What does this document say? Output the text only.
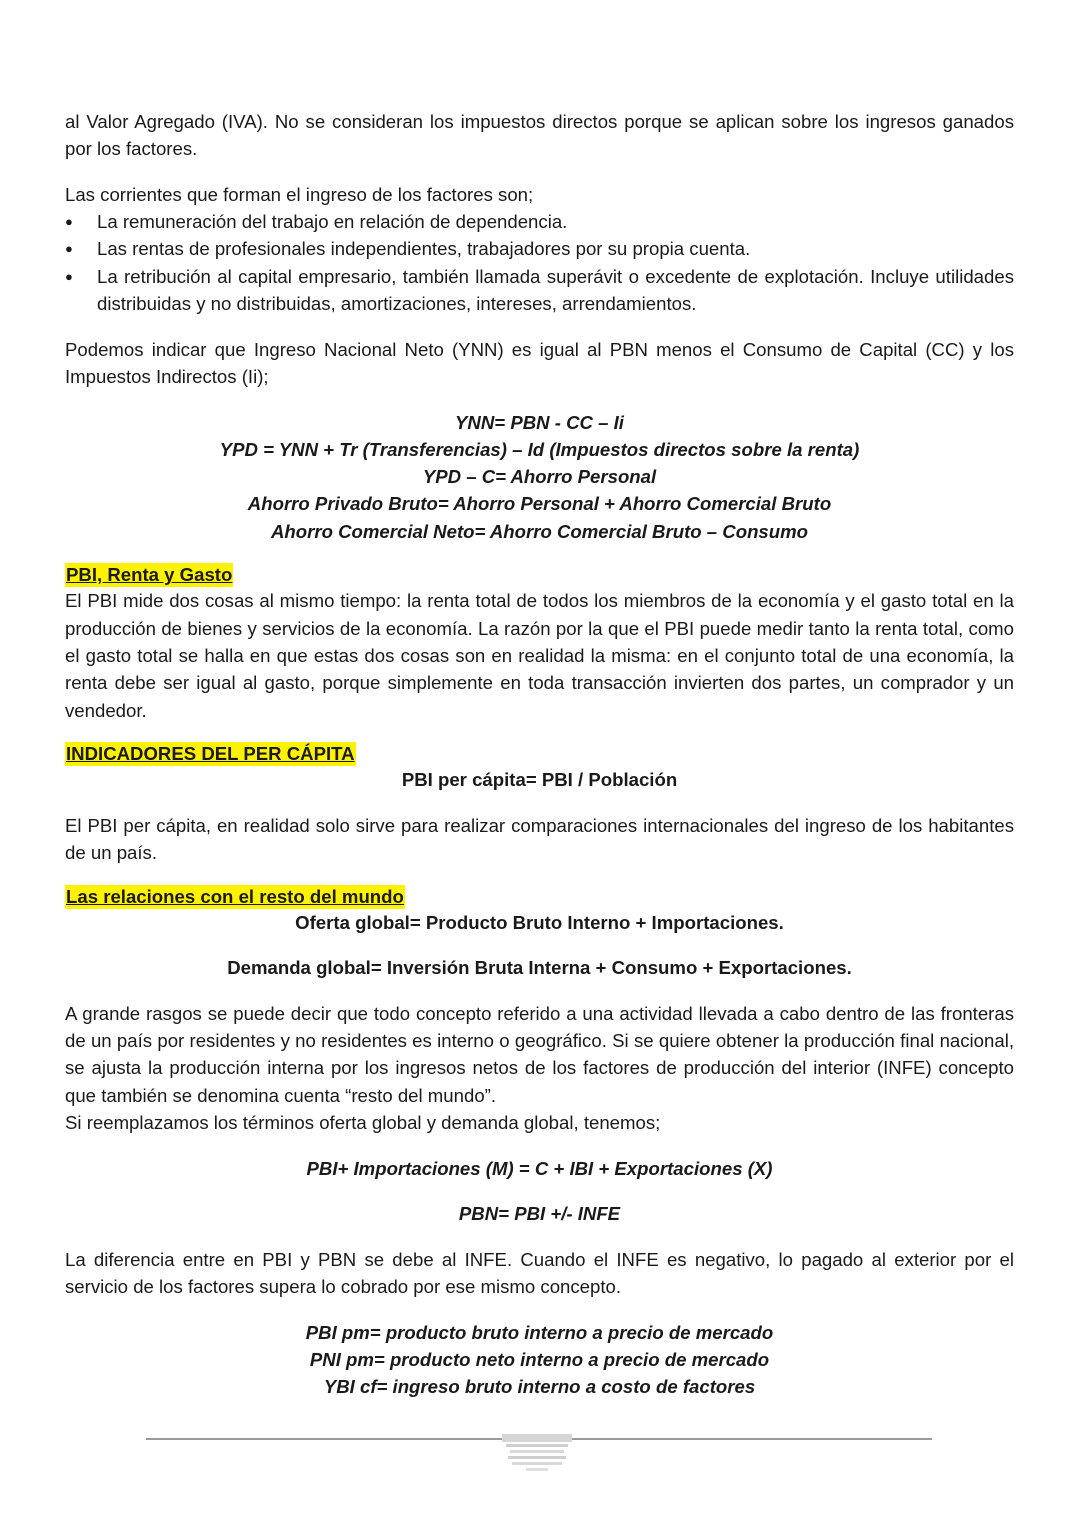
al Valor Agregado (IVA). No se consideran los impuestos directos porque se aplican sobre los ingresos ganados por los factores.

Las corrientes que forman el ingreso de los factores son;

● La remuneración del trabajo en relación de dependencia.
● Las rentas de profesionales independientes, trabajadores por su propia cuenta.
● La retribución al capital empresario, también llamada superávit o excedente de explotación. Incluye utilidades distribuidas y no distribuidas, amortizaciones, intereses, arrendamientos.

Podemos indicar que Ingreso Nacional Neto (YNN) es igual al PBN menos el Consumo de Capital (CC) y los Impuestos Indirectos (Ii);

YNN= PBN - CC – Ii
YPD = YNN + Tr (Transferencias) – Id (Impuestos directos sobre la renta)
YPD – C= Ahorro Personal
Ahorro Privado Bruto= Ahorro Personal + Ahorro Comercial Bruto
Ahorro Comercial Neto= Ahorro Comercial Bruto – Consumo
PBI, Renta y Gasto

El PBI mide dos cosas al mismo tiempo: la renta total de todos los miembros de la economía y el gasto total en la producción de bienes y servicios de la economía. La razón por la que el PBI puede medir tanto la renta total, como el gasto total se halla en que estas dos cosas son en realidad la misma: en el conjunto total de una economía, la renta debe ser igual al gasto, porque simplemente en toda transacción invierten dos partes, un comprador y un vendedor.

INDICADORES DEL PER CÁPITA
PBI per cápita= PBI / Población

El PBI per cápita, en realidad solo sirve para realizar comparaciones internacionales del ingreso de los habitantes de un país.

Las relaciones con el resto del mundo
Oferta global= Producto Bruto Interno + Importaciones.
Demanda global= Inversión Bruta Interna + Consumo + Exportaciones.

A grande rasgos se puede decir que todo concepto referido a una actividad llevada a cabo dentro de las fronteras de un país por residentes y no residentes es interno o geográfico. Si se quiere obtener la producción final nacional, se ajusta la producción interna por los ingresos netos de los factores de producción del interior (INFE) concepto que también se denomina cuenta “resto del mundo”.

Si reemplazamos los términos oferta global y demanda global, tenemos;

PBI+ Importaciones (M) = C + IBI + Exportaciones (X)
PBN= PBI +/- INFE

La diferencia entre en PBI y PBN se debe al INFE. Cuando el INFE es negativo, lo pagado al exterior por el servicio de los factores supera lo cobrado por ese mismo concepto.

PBI pm= producto bruto interno a precio de mercado
PNI pm= producto neto interno a precio de mercado
YBI cf= ingreso bruto interno a costo de factores
